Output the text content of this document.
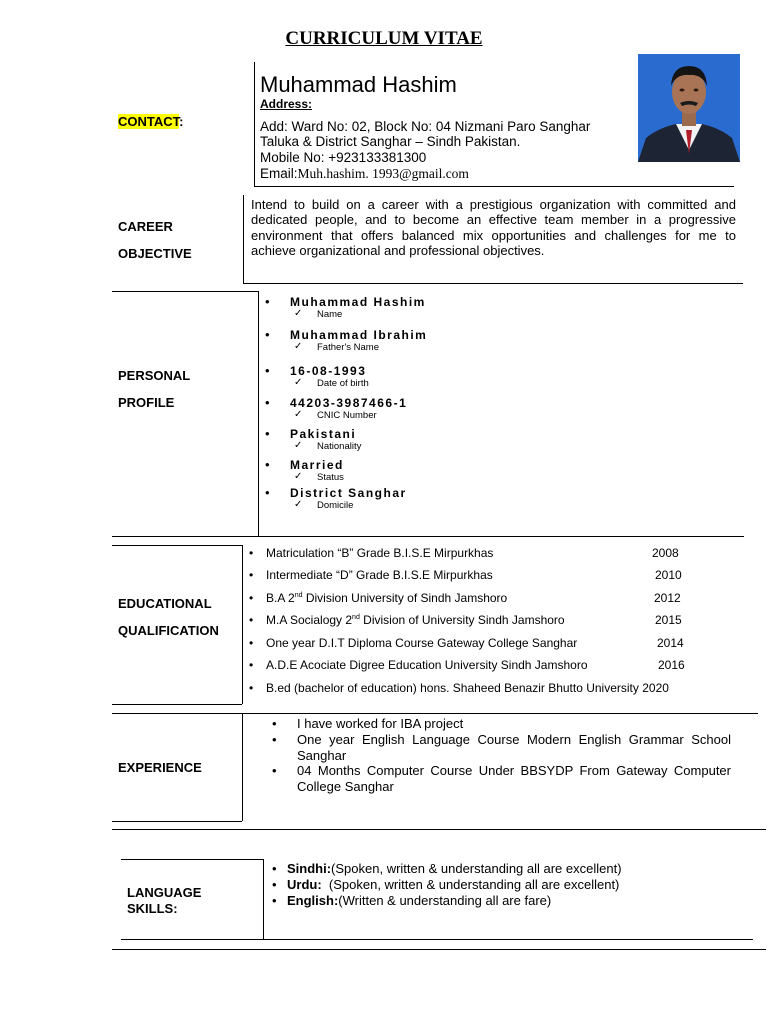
CURRICULUM VITAE
CONTACT:
Muhammad Hashim
Address:
Add: Ward No: 02, Block No: 04 Nizmani Paro Sanghar
Taluka & District Sanghar – Sindh Pakistan.
Mobile No: +923133381300
Email:Muh.hashim. 1993@gmail.com
CAREER
OBJECTIVE
Intend to build on a career with a prestigious organization with committed and dedicated people, and to become an effective team member in a progressive environment that offers balanced mix opportunities and challenges for me to achieve organizational and professional objectives.
PERSONAL
PROFILE
• Muhammad Hashim
✓ Name
• Muhammad Ibrahim
✓ Father's Name
• 16-08-1993
✓ Date of birth
• 44203-3987466-1
✓ CNIC Number
• Pakistani
✓ Nationality
• Married
✓ Status
• District Sanghar
✓ Domicile
EDUCATIONAL
QUALIFICATION
• Matriculation “B” Grade B.I.S.E Mirpurkhas	2008
• Intermediate “D” Grade B.I.S.E Mirpurkhas	2010
• B.A 2nd Division University of Sindh Jamshoro	2012
• M.A Socialogy 2nd Division of University Sindh Jamshoro	2015
• One year D.I.T Diploma Course Gateway College Sanghar	2014
• A.D.E Acociate Digree Education University Sindh Jamshoro	2016
• B.ed (bachelor of education) hons. Shaheed Benazir Bhutto University 2020
EXPERIENCE
• I have worked for IBA project
• One year English Language Course Modern English Grammar School Sanghar
• 04 Months Computer Course Under BBSYDP From Gateway Computer College Sanghar
LANGUAGE
SKILLS:
• Sindhi:(Spoken, written & understanding all are excellent)
• Urdu:  (Spoken, written & understanding all are excellent)
• English:(Written & understanding all are fare)
